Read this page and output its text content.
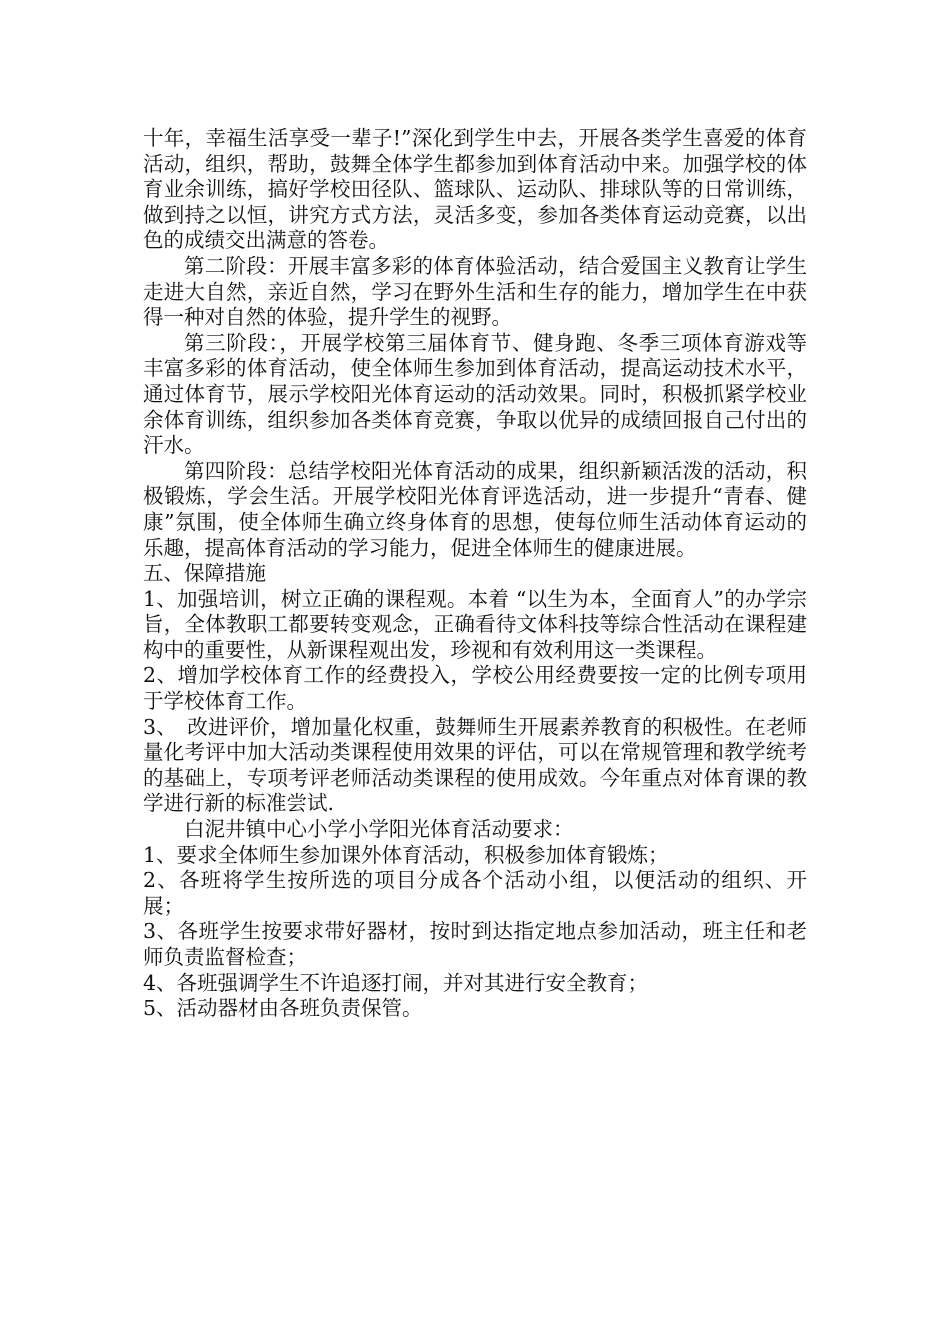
十年，幸福生活享受一辈子!”深化到学生中去，开展各类学生喜爱的体育活动，组织，帮助，鼓舞全体学生都参加到体育活动中来。加强学校的体育业余训练，搞好学校田径队、篮球队、运动队、排球队等的日常训练，做到持之以恒，讲究方式方法，灵活多变，参加各类体育运动竞赛，以出色的成绩交出满意的答卷。

第二阶段：开展丰富多彩的体育体验活动，结合爱国主义教育让学生走进大自然，亲近自然，学习在野外生活和生存的能力，增加学生在中获得一种对自然的体验，提升学生的视野。

第三阶段：，开展学校第三届体育节、健身跑、冬季三项体育游戏等丰富多彩的体育活动，使全体师生参加到体育活动，提高运动技术水平，通过体育节，展示学校阳光体育运动的活动效果。同时，积极抓紧学校业余体育训练，组织参加各类体育竞赛，争取以优异的成绩回报自己付出的汗水。

第四阶段：总结学校阳光体育活动的成果，组织新颖活泼的活动，积极锻炼，学会生活。开展学校阳光体育评选活动，进一步提升“青春、健康”氛围，使全体师生确立终身体育的思想，使每位师生活动体育运动的乐趣，提高体育活动的学习能力，促进全体师生的健康进展。

五、保障措施

1、加强培训，树立正确的课程观。本着 “以生为本，全面育人”的办学宗旨，全体教职工都要转变观念，正确看待文体科技等综合性活动在课程建构中的重要性，从新课程观出发，珍视和有效利用这一类课程。

2、增加学校体育工作的经费投入，学校公用经费要按一定的比例专项用于学校体育工作。

3、　改进评价，增加量化权重，鼓舞师生开展素养教育的积极性。在老师量化考评中加大活动类课程使用效果的评估，可以在常规管理和教学统考的基础上，专项考评老师活动类课程的使用成效。今年重点对体育课的教学进行新的标准尝试.

白泥井镇中心小学小学阳光体育活动要求：

1、要求全体师生参加课外体育活动，积极参加体育锻炼；

2、各班将学生按所选的项目分成各个活动小组，以便活动的组织、开展；

3、各班学生按要求带好器材，按时到达指定地点参加活动，班主任和老师负责监督检查；

4、各班强调学生不许追逐打闹，并对其进行安全教育；

5、活动器材由各班负责保管。
